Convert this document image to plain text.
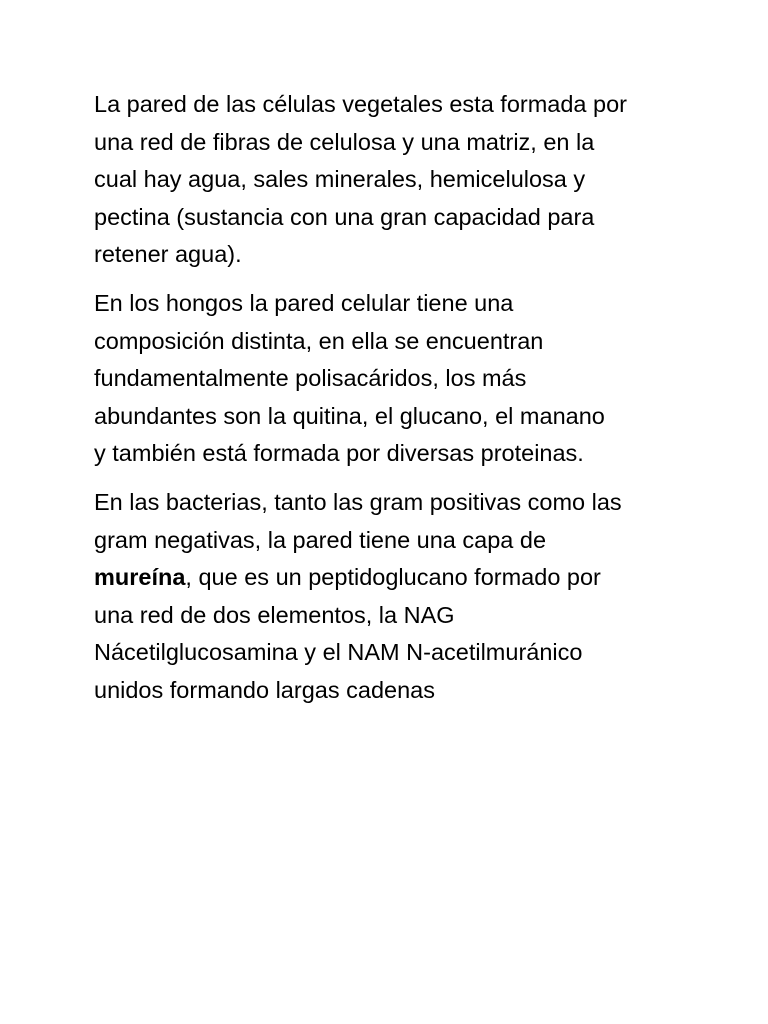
La pared de las células vegetales esta formada por
una red de fibras de celulosa y una matriz, en la
cual hay agua, sales minerales, hemicelulosa y
pectina (sustancia con una gran capacidad para
retener agua).

En los hongos la pared celular tiene una
composición distinta, en ella se encuentran
fundamentalmente polisacáridos, los más
abundantes son la quitina, el glucano, el manano
y también está formada por diversas proteinas.

En las bacterias, tanto las gram positivas como las
gram negativas, la pared tiene una capa de
mureína, que es un peptidoglucano formado por
una red de dos elementos, la NAG
Nácetilglucosamina y el NAM N-acetilmuránico
unidos formando largas cadenas
